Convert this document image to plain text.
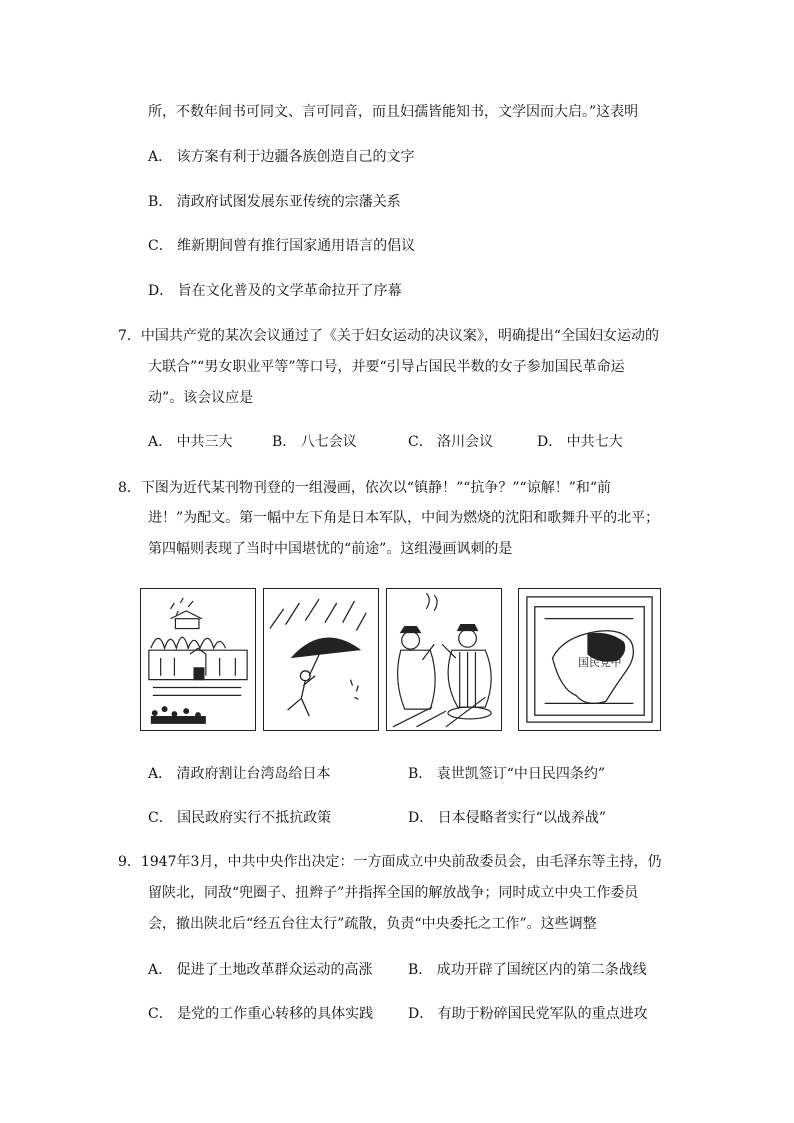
所，不数年间书可同文、言可同音，而且妇孺皆能知书，文学因而大启。”这表明
A． 该方案有利于边疆各族创造自己的文字
B． 清政府试图发展东亚传统的宗藩关系
C． 维新期间曾有推行国家通用语言的倡议
D． 旨在文化普及的文学革命拉开了序幕
7．中国共产党的某次会议通过了《关于妇女运动的决议案》，明确提出“全国妇女运动的
大联合”“男女职业平等”等口号，并要“引导占国民半数的女子参加国民革命运
动”。该会议应是
A． 中共三大	B． 八七会议	C． 洛川会议	D． 中共七大
8．下图为近代某刊物刊登的一组漫画，依次以“镇静！”“抗争？”“谅解！”和“前
进！”为配文。第一幅中左下角是日本军队，中间为燃烧的沈阳和歌舞升平的北平；
第四幅则表现了当时中国堪忧的“前途”。这组漫画讽刺的是
国民党中
A． 清政府割让台湾岛给日本	B． 袁世凯签订“中日民四条约”
C． 国民政府实行不抵抗政策	D． 日本侵略者实行“以战养战”
9．1947年3月，中共中央作出决定：一方面成立中央前敌委员会，由毛泽东等主持，仍
留陕北，同敌“兜圈子、扭辫子”并指挥全国的解放战争；同时成立中央工作委员
会，撤出陕北后“经五台往太行”疏散，负责“中央委托之工作”。这些调整
A． 促进了土地改革群众运动的高涨	B． 成功开辟了国统区内的第二条战线
C． 是党的工作重心转移的具体实践 D． 有助于粉碎国民党军队的重点进攻
